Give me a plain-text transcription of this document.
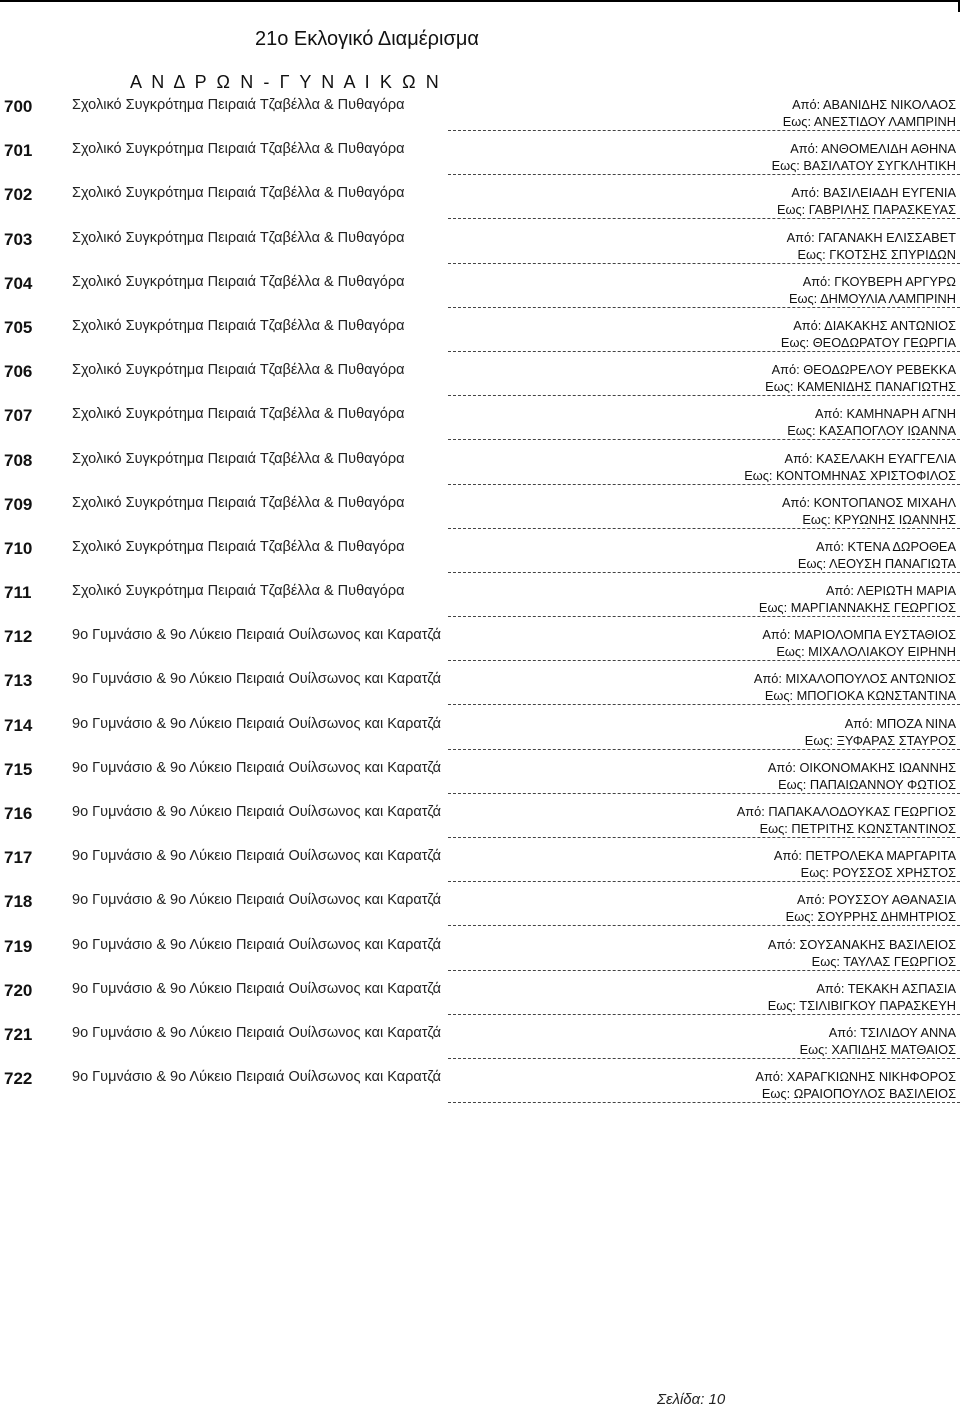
21ο Εκλογικό Διαμέρισμα
Α Ν Δ Ρ Ω Ν - Γ Υ Ν Α Ι Κ Ω Ν
700	Σχολικό Συγκρότημα Πειραιά Τζαβέλλα & Πυθαγόρα	Από: ΑΒΑΝΙΔΗΣ ΝΙΚΟΛΑΟΣ
Εως: ΑΝΕΣΤΙΔΟΥ ΛΑΜΠΡΙΝΗ
701	Σχολικό Συγκρότημα Πειραιά Τζαβέλλα & Πυθαγόρα	Από: ΑΝΘΟΜΕΛΙΔΗ ΑΘΗΝΑ
Εως: ΒΑΣΙΛΑΤΟΥ ΣΥΓΚΛΗΤΙΚΗ
702	Σχολικό Συγκρότημα Πειραιά Τζαβέλλα & Πυθαγόρα	Από: ΒΑΣΙΛΕΙΑΔΗ ΕΥΓΕΝΙΑ
Εως: ΓΑΒΡΙΛΗΣ ΠΑΡΑΣΚΕΥΑΣ
703	Σχολικό Συγκρότημα Πειραιά Τζαβέλλα & Πυθαγόρα	Από: ΓΑΓΑΝΑΚΗ ΕΛΙΣΣΑΒΕΤ
Εως: ΓΚΟΤΣΗΣ ΣΠΥΡΙΔΩΝ
704	Σχολικό Συγκρότημα Πειραιά Τζαβέλλα & Πυθαγόρα	Από: ΓΚΟΥΒΕΡΗ ΑΡΓΥΡΩ
Εως: ΔΗΜΟΥΛΙΑ ΛΑΜΠΡΙΝΗ
705	Σχολικό Συγκρότημα Πειραιά Τζαβέλλα & Πυθαγόρα	Από: ΔΙΑΚΑΚΗΣ ΑΝΤΩΝΙΟΣ
Εως: ΘΕΟΔΩΡΑΤΟΥ ΓΕΩΡΓΙΑ
706	Σχολικό Συγκρότημα Πειραιά Τζαβέλλα & Πυθαγόρα	Από: ΘΕΟΔΩΡΕΛΟΥ ΡΕΒΕΚΚΑ
Εως: ΚΑΜΕΝΙΔΗΣ ΠΑΝΑΓΙΩΤΗΣ
707	Σχολικό Συγκρότημα Πειραιά Τζαβέλλα & Πυθαγόρα	Από: ΚΑΜΗΝΑΡΗ ΑΓΝΗ
Εως: ΚΑΣΑΠΟΓΛΟΥ ΙΩΑΝΝΑ
708	Σχολικό Συγκρότημα Πειραιά Τζαβέλλα & Πυθαγόρα	Από: ΚΑΣΕΛΑΚΗ ΕΥΑΓΓΕΛΙΑ
Εως: ΚΟΝΤΟΜΗΝΑΣ ΧΡΙΣΤΟΦΙΛΟΣ
709	Σχολικό Συγκρότημα Πειραιά Τζαβέλλα & Πυθαγόρα	Από: ΚΟΝΤΟΠΑΝΟΣ ΜΙΧΑΗΛ
Εως: ΚΡΥΩΝΗΣ ΙΩΑΝΝΗΣ
710	Σχολικό Συγκρότημα Πειραιά Τζαβέλλα & Πυθαγόρα	Από: ΚΤΕΝΑ ΔΩΡΟΘΕΑ
Εως: ΛΕΟΥΣΗ ΠΑΝΑΓΙΩΤΑ
711	Σχολικό Συγκρότημα Πειραιά Τζαβέλλα & Πυθαγόρα	Από: ΛΕΡΙΩΤΗ ΜΑΡΙΑ
Εως: ΜΑΡΓΙΑΝΝΑΚΗΣ ΓΕΩΡΓΙΟΣ
712	9ο Γυμνάσιο & 9ο Λύκειο Πειραιά Ουίλσωνος και Καρατζά	Από: ΜΑΡΙΟΛΟΜΠΑ ΕΥΣΤΑΘΙΟΣ
Εως: ΜΙΧΑΛΟΛΙΑΚΟΥ ΕΙΡΗΝΗ
713	9ο Γυμνάσιο & 9ο Λύκειο Πειραιά Ουίλσωνος και Καρατζά	Από: ΜΙΧΑΛΟΠΟΥΛΟΣ ΑΝΤΩΝΙΟΣ
Εως: ΜΠΟΓΙΟΚΑ ΚΩΝΣΤΑΝΤΙΝΑ
714	9ο Γυμνάσιο & 9ο Λύκειο Πειραιά Ουίλσωνος και Καρατζά	Από: ΜΠΟΖΑ ΝΙΝΑ
Εως: ΞΥΦΑΡΑΣ ΣΤΑΥΡΟΣ
715	9ο Γυμνάσιο & 9ο Λύκειο Πειραιά Ουίλσωνος και Καρατζά	Από: ΟΙΚΟΝΟΜΑΚΗΣ ΙΩΑΝΝΗΣ
Εως: ΠΑΠΑΙΩΑΝΝΟΥ ΦΩΤΙΟΣ
716	9ο Γυμνάσιο & 9ο Λύκειο Πειραιά Ουίλσωνος και Καρατζά	Από: ΠΑΠΑΚΑΛΟΔΟΥΚΑΣ ΓΕΩΡΓΙΟΣ
Εως: ΠΕΤΡΙΤΗΣ ΚΩΝΣΤΑΝΤΙΝΟΣ
717	9ο Γυμνάσιο & 9ο Λύκειο Πειραιά Ουίλσωνος και Καρατζά	Από: ΠΕΤΡΟΛΕΚΑ ΜΑΡΓΑΡΙΤΑ
Εως: ΡΟΥΣΣΟΣ ΧΡΗΣΤΟΣ
718	9ο Γυμνάσιο & 9ο Λύκειο Πειραιά Ουίλσωνος και Καρατζά	Από: ΡΟΥΣΣΟΥ ΑΘΑΝΑΣΙΑ
Εως: ΣΟΥΡΡΗΣ ΔΗΜΗΤΡΙΟΣ
719	9ο Γυμνάσιο & 9ο Λύκειο Πειραιά Ουίλσωνος και Καρατζά	Από: ΣΟΥΣΑΝΑΚΗΣ ΒΑΣΙΛΕΙΟΣ
Εως: ΤΑΥΛΑΣ ΓΕΩΡΓΙΟΣ
720	9ο Γυμνάσιο & 9ο Λύκειο Πειραιά Ουίλσωνος και Καρατζά	Από: ΤΕΚΑΚΗ ΑΣΠΑΣΙΑ
Εως: ΤΣΙΛΙΒΙΓΚΟΥ ΠΑΡΑΣΚΕΥΗ
721	9ο Γυμνάσιο & 9ο Λύκειο Πειραιά Ουίλσωνος και Καρατζά	Από: ΤΣΙΛΙΔΟΥ ΑΝΝΑ
Εως: ΧΑΠΙΔΗΣ ΜΑΤΘΑΙΟΣ
722	9ο Γυμνάσιο & 9ο Λύκειο Πειραιά Ουίλσωνος και Καρατζά	Από: ΧΑΡΑΓΚΙΩΝΗΣ ΝΙΚΗΦΟΡΟΣ
Εως: ΩΡΑΙΟΠΟΥΛΟΣ ΒΑΣΙΛΕΙΟΣ
Σελίδα: 10
